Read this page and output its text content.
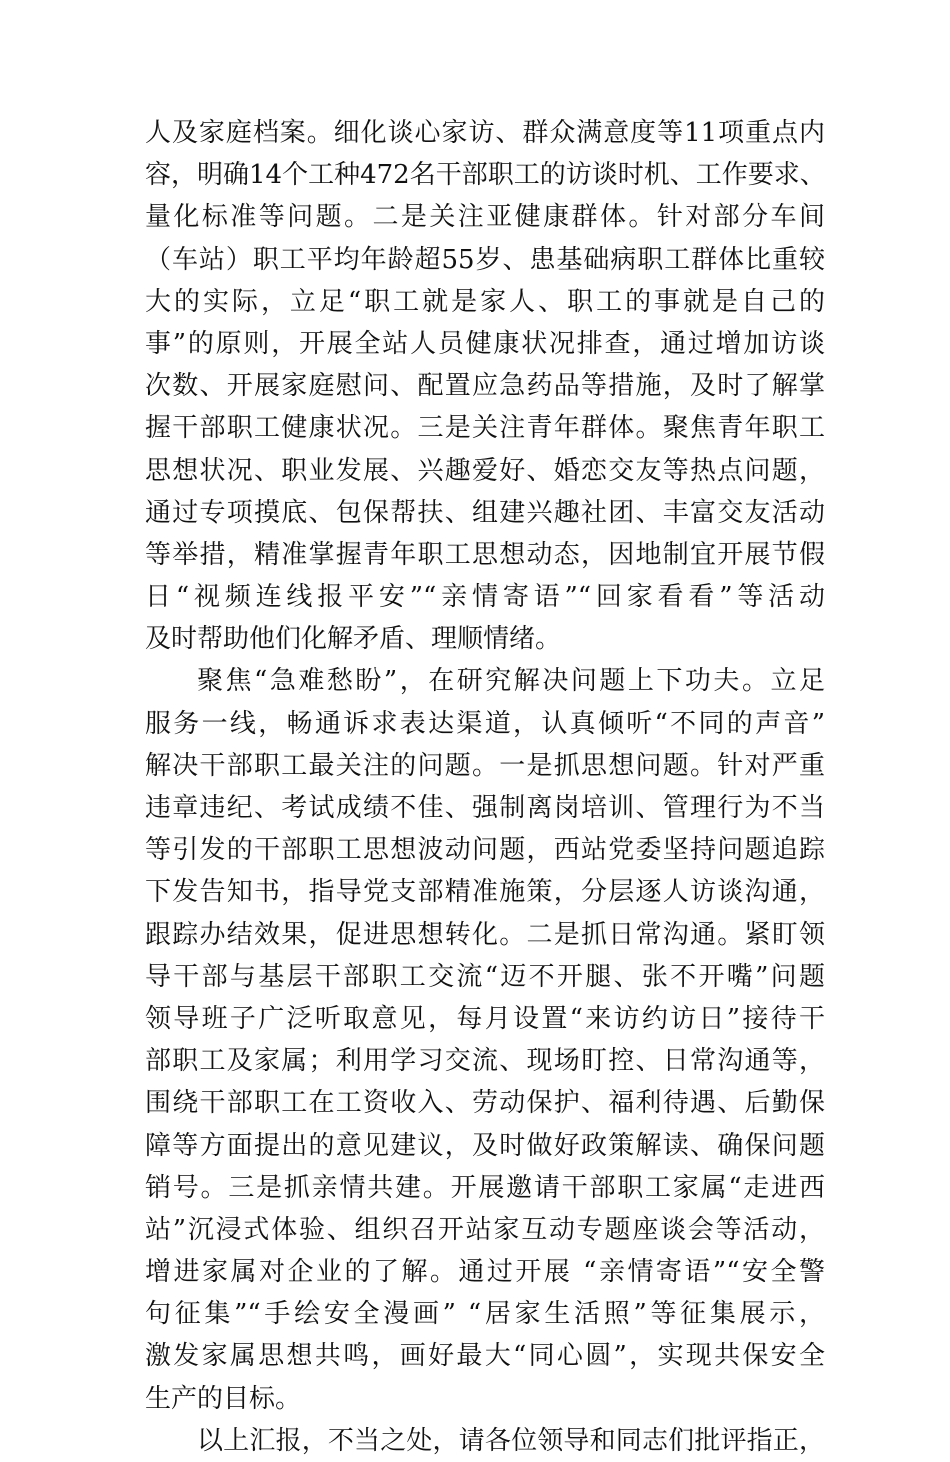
人及家庭档案。细化谈心家访、群众满意度等11项重点内
容，明确14个工种472名干部职工的访谈时机、工作要求、
量化标准等问题。二是关注亚健康群体。针对部分车间
（车站）职工平均年龄超55岁、患基础病职工群体比重较
大的实际，立足“职工就是家人、职工的事就是自己的
事”的原则，开展全站人员健康状况排查，通过增加访谈
次数、开展家庭慰问、配置应急药品等措施，及时了解掌
握干部职工健康状况。三是关注青年群体。聚焦青年职工
思想状况、职业发展、兴趣爱好、婚恋交友等热点问题，
通过专项摸底、包保帮扶、组建兴趣社团、丰富交友活动
等举措，精准掌握青年职工思想动态，因地制宜开展节假
日“视频连线报平安”“亲情寄语”“回家看看”等活动
及时帮助他们化解矛盾、理顺情绪。
聚焦“急难愁盼”，在研究解决问题上下功夫。立足
服务一线，畅通诉求表达渠道，认真倾听“不同的声音”
解决干部职工最关注的问题。一是抓思想问题。针对严重
违章违纪、考试成绩不佳、强制离岗培训、管理行为不当
等引发的干部职工思想波动问题，西站党委坚持问题追踪
下发告知书，指导党支部精准施策，分层逐人访谈沟通，
跟踪办结效果，促进思想转化。二是抓日常沟通。紧盯领
导干部与基层干部职工交流“迈不开腿、张不开嘴”问题
领导班子广泛听取意见，每月设置“来访约访日”接待干
部职工及家属；利用学习交流、现场盯控、日常沟通等，
围绕干部职工在工资收入、劳动保护、福利待遇、后勤保
障等方面提出的意见建议，及时做好政策解读、确保问题
销号。三是抓亲情共建。开展邀请干部职工家属“走进西
站”沉浸式体验、组织召开站家互动专题座谈会等活动，
增进家属对企业的了解。通过开展 “亲情寄语”“安全警
句征集”“手绘安全漫画” “居家生活照”等征集展示，
激发家属思想共鸣，画好最大“同心圆”，实现共保安全
生产的目标。
以上汇报，不当之处，请各位领导和同志们批评指正，
